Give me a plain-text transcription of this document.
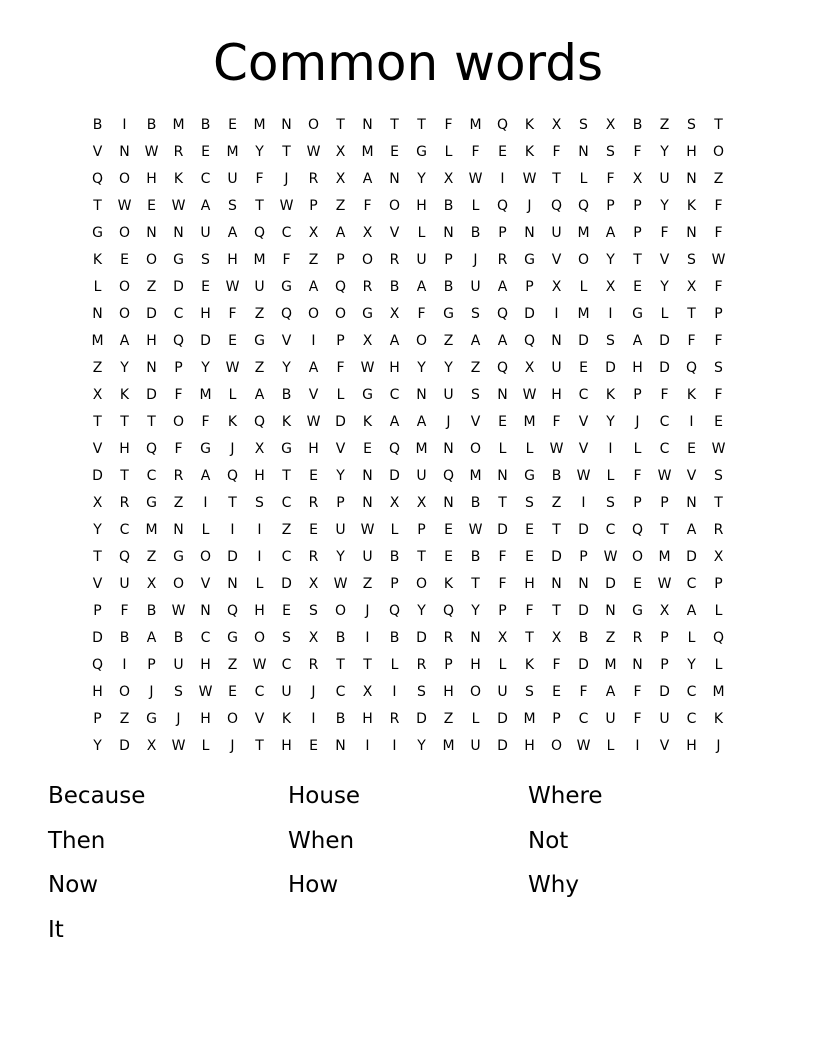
Common words
B	I	B	M	B	E	M	N	O	T	N	T	T	F	M	Q	K	X	S	X	B	Z	S	T
V	N	W	R	E	M	Y	T	W	X	M	E	G	L	F	E	K	F	N	S	F	Y	H	O
Q	O	H	K	C	U	F	J	R	X	A	N	Y	X	W	I	W	T	L	F	X	U	N	Z
T	W	E	W	A	S	T	W	P	Z	F	O	H	B	L	Q	J	Q	Q	P	P	Y	K	F
G	O	N	N	U	A	Q	C	X	A	X	V	L	N	B	P	N	U	M	A	P	F	N	F
K	E	O	G	S	H	M	F	Z	P	O	R	U	P	J	R	G	V	O	Y	T	V	S	W
L	O	Z	D	E	W	U	G	A	Q	R	B	A	B	U	A	P	X	L	X	E	Y	X	F
N	O	D	C	H	F	Z	Q	O	O	G	X	F	G	S	Q	D	I	M	I	G	L	T	P
M	A	H	Q	D	E	G	V	I	P	X	A	O	Z	A	A	Q	N	D	S	A	D	F	F
Z	Y	N	P	Y	W	Z	Y	A	F	W	H	Y	Y	Z	Q	X	U	E	D	H	D	Q	S
X	K	D	F	M	L	A	B	V	L	G	C	N	U	S	N	W	H	C	K	P	F	K	F
T	T	T	O	F	K	Q	K	W	D	K	A	A	J	V	E	M	F	V	Y	J	C	I	E
V	H	Q	F	G	J	X	G	H	V	E	Q	M	N	O	L	L	W	V	I	L	C	E	W
D	T	C	R	A	Q	H	T	E	Y	N	D	U	Q	M	N	G	B	W	L	F	W	V	S
X	R	G	Z	I	T	S	C	R	P	N	X	X	N	B	T	S	Z	I	S	P	P	N	T
Y	C	M	N	L	I	I	Z	E	U	W	L	P	E	W	D	E	T	D	C	Q	T	A	R
T	Q	Z	G	O	D	I	C	R	Y	U	B	T	E	B	F	E	D	P	W	O	M	D	X
V	U	X	O	V	N	L	D	X	W	Z	P	O	K	T	F	H	N	N	D	E	W	C	P
P	F	B	W	N	Q	H	E	S	O	J	Q	Y	Q	Y	P	F	T	D	N	G	X	A	L
D	B	A	B	C	G	O	S	X	B	I	B	D	R	N	X	T	X	B	Z	R	P	L	Q
Q	I	P	U	H	Z	W	C	R	T	T	L	R	P	H	L	K	F	D	M	N	P	Y	L
H	O	J	S	W	E	C	U	J	C	X	I	S	H	O	U	S	E	F	A	F	D	C	M
P	Z	G	J	H	O	V	K	I	B	H	R	D	Z	L	D	M	P	C	U	F	U	C	K
Y	D	X	W	L	J	T	H	E	N	I	I	Y	M	U	D	H	O	W	L	I	V	H	J
Because	House	Where
Then	When	Not
Now	How	Why
It
